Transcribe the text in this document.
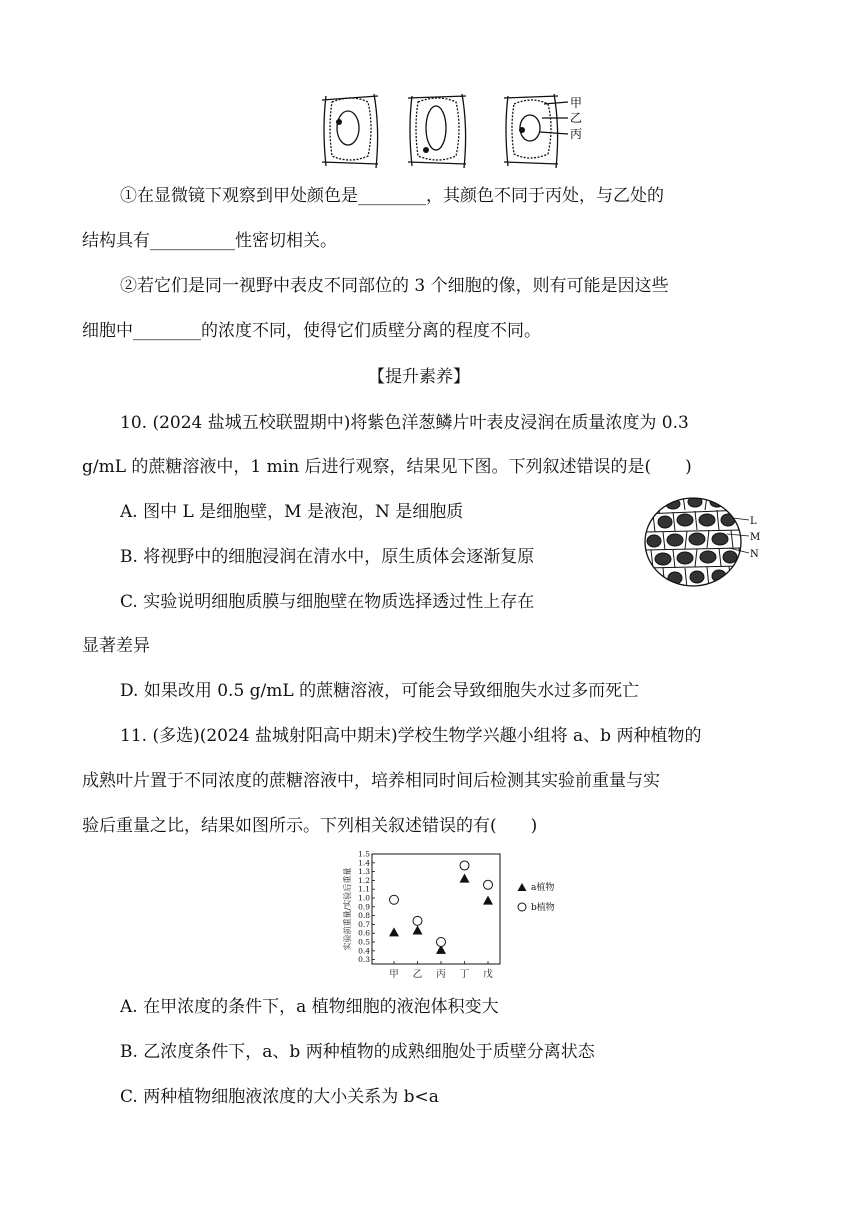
甲
乙
丙
①在显微镜下观察到甲处颜色是________，其颜色不同于丙处，与乙处的
结构具有__________性密切相关。
②若它们是同一视野中表皮不同部位的 3 个细胞的像，则有可能是因这些
细胞中________的浓度不同，使得它们质壁分离的程度不同。
【提升素养】
10. (2024 盐城五校联盟期中)将紫色洋葱鳞片叶表皮浸润在质量浓度为 0.3
g/mL 的蔗糖溶液中，1 min 后进行观察，结果见下图。下列叙述错误的是(　　)
A. 图中 L 是细胞壁，M 是液泡，N 是细胞质
B. 将视野中的细胞浸润在清水中，原生质体会逐渐复原
C. 实验说明细胞质膜与细胞壁在物质选择透过性上存在
显著差异
D. 如果改用 0.5 g/mL 的蔗糖溶液，可能会导致细胞失水过多而死亡
L
M
N
11. (多选)(2024 盐城射阳高中期末)学校生物学兴趣小组将 a、b 两种植物的
成熟叶片置于不同浓度的蔗糖溶液中，培养相同时间后检测其实验前重量与实
验后重量之比，结果如图所示。下列相关叙述错误的有(　　)
1.5
1.4
1.3
1.2
1.1
1.0
0.9
0.8
0.7
0.6
0.5
0.4
0.3
实验前重量/实验后重量
甲 乙 丙 丁 戊
a植物
b植物
A. 在甲浓度的条件下，a 植物细胞的液泡体积变大
B. 乙浓度条件下，a、b 两种植物的成熟细胞处于质壁分离状态
C. 两种植物细胞液浓度的大小关系为 b<a
